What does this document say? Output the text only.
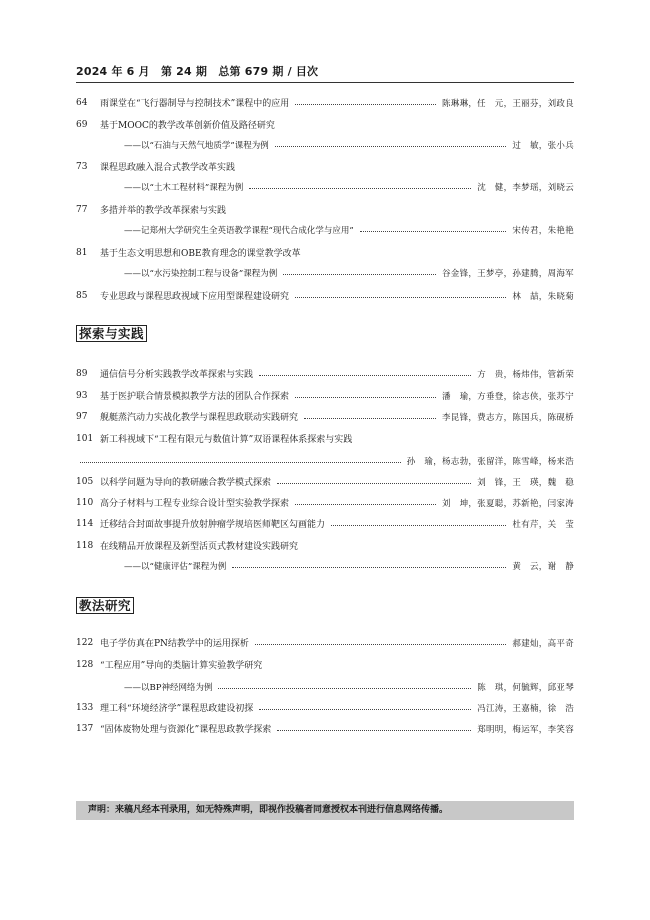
2024 年 6 月　第 24 期　总第 679 期 / 目次
64	雨课堂在“飞行器制导与控制技术”课程中的应用	陈琳琳，任　元，王丽芬，刘政良
69	基于MOOC的教学改革创新价值及路径研究
——以“石油与天然气地质学”课程为例	过　敏，张小兵
73	课程思政融入混合式教学改革实践
——以“土木工程材料”课程为例	沈　健，李梦瑶，刘晓云
77	多措并举的教学改革探索与实践
——记郑州大学研究生全英语教学课程“现代合成化学与应用”	宋传君，朱艳艳
81	基于生态文明思想和OBE教育理念的课堂教学改革
——以“水污染控制工程与设备”课程为例	谷金锋，王梦亭，孙建腾，周海军
85	专业思政与课程思政视域下应用型课程建设研究	林　喆，朱晓菊
探索与实践
89	通信信号分析实践教学改革探索与实践	方　贵，杨炜伟，管新荣
93	基于医护联合情景模拟教学方法的团队合作探索	潘　瑜，方垂登，徐志侠，张苏宁
97	舰艇蒸汽动力实战化教学与课程思政联动实践研究	李昆锋，费志方，陈国兵，陈砚桥
101 新工科视域下“工程有限元与数值计算”双语课程体系探索与实践
孙　瑜，杨志勃，张留洋，陈雪峰，杨来浩
105 以科学问题为导向的教研融合教学模式探索	刘　锋，王　瑛，魏　稳
110 高分子材料与工程专业综合设计型实验教学探索	刘　坤，张夏聪，苏新艳，闫家涛
114 迁移结合封面故事提升放射肿瘤学规培医师靶区勾画能力	杜有芹，关　莹
118 在线精品开放课程及新型活页式教材建设实践研究
——以“健康评估”课程为例	黄　云，谢　静
教法研究
122 电子学仿真在PN结教学中的运用探析	郝建灿，高平奇
128 “工程应用”导向的类脑计算实验教学研究
——以BP神经网络为例	陈　琪，何毓辉，邱亚琴
133 理工科“环境经济学”课程思政建设初探	冯江涛，王嘉楠，徐　浩
137 “固体废物处理与资源化”课程思政教学探索	郑明明，梅运军，李笑容
声明：来稿凡经本刊录用，如无特殊声明，即视作投稿者同意授权本刊进行信息网络传播。
